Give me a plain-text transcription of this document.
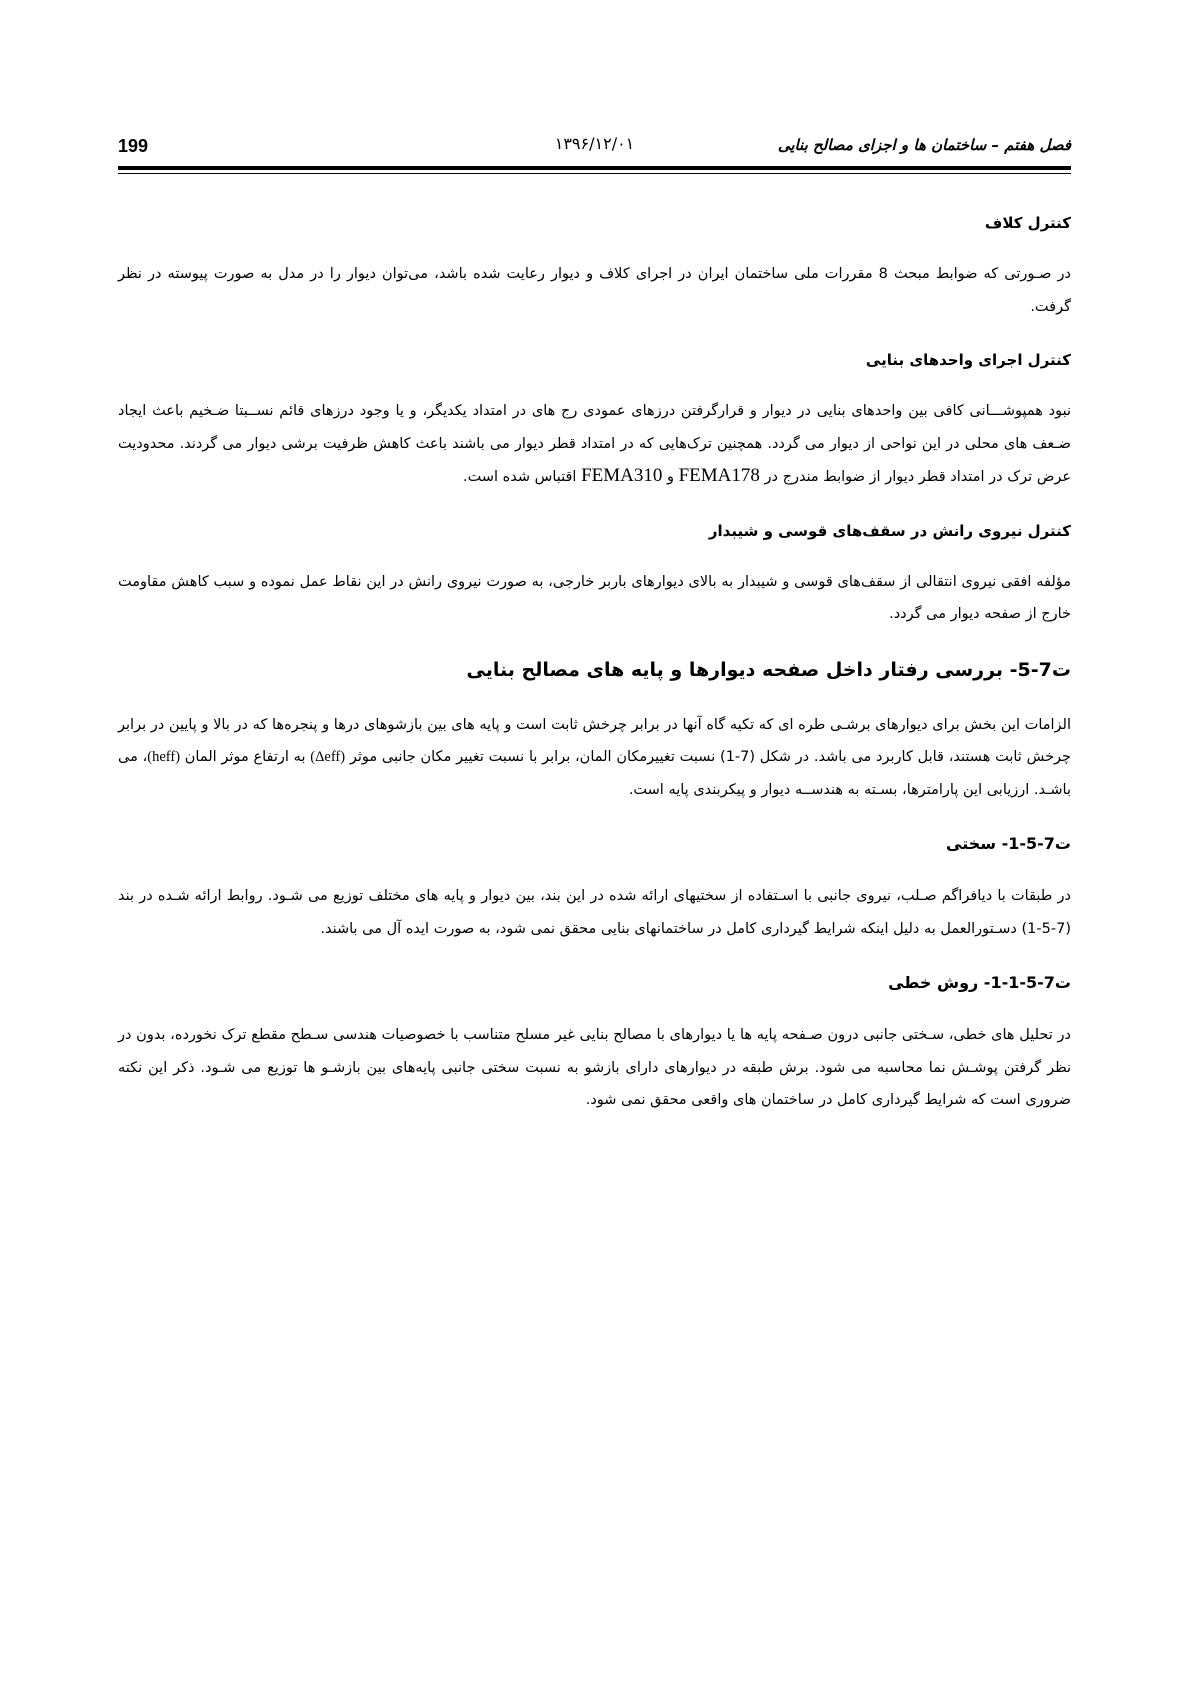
199	۱۳۹۶/۱۲/۰۱	فصل هفتم – ساختمان ها و اجزای مصالح بنایی
کنترل کلاف

در صـورتی که ضوابط مبحث 8 مقررات ملی ساختمان ایران در اجرای کلاف و دیوار رعایت شده باشد، می‌توان دیوار را در مدل به صورت پیوسته در نظر گرفت.

کنترل اجرای واحدهای بنایی

نبود همپوشـــانی کافی بین واحدهای بنایی در دیوار و قرارگرفتن درزهای عمودی رج های در امتداد یکدیگر، و یا وجود درزهای قائم نســبتا ضـخیم باعث ایجاد ضـعف های محلی در این نواحی از دیوار می گردد. همچنین ترک‌هایی که در امتداد قطر دیوار می باشند باعث کاهش ظرفیت برشی دیوار می گردند. محدودیت عرض ترک در امتداد قطر دیوار از ضوابط مندرج در FEMA178 و FEMA310 اقتباس شده است.

کنترل نیروی رانش در سقف‌های قوسی و شیبدار

مؤلفه افقی نیروی انتقالی از سقف‌های قوسی و شیبدار به بالای دیوارهای باربر خارجی، به صورت نیروی رانش در این نقاط عمل نموده و سبب کاهش مقاومت خارج از صفحه دیوار می گردد.

ت7-5- بررسی رفتار داخل صفحه دیوارها و پایه های مصالح بنایی

الزامات این بخش برای دیوارهای برشـی طره ای که تکیه گاه آنها در برابر چرخش ثابت است و پایه های بین بازشوهای درها و پنجره‌ها که در بالا و پایین در برابر چرخش ثابت هستند، قابل کاربرد می باشد. در شکل (7-1) نسبت تغییرمکان المان، برابر با نسبت تغییر مکان جانبی موثر (Δeff) به ارتفاع موثر المان (heff)، می باشـد. ارزیابی این پارامترها، بسـته به هندســه دیوار و پیکربندی پایه است.

ت7-5-1- سختی

در طبقات با دیافراگم صـلب، نیروی جانبی با اسـتفاده از سختیهای ارائه شده در این بند، بین دیوار و پایه های مختلف توزیع می شـود. روابط ارائه شـده در بند (7-5-1) دسـتورالعمل به دلیل اینکه شرایط گیرداری کامل در ساختمانهای بنایی محقق نمی شود، به صورت ایده آل می باشند.

ت7-5-1-1- روش خطی

در تحلیل های خطی، سـختی جانبی درون صـفحه پایه ها یا دیوارهای با مصالح بنایی غیر مسلح متناسب با خصوصیات هندسی سـطح مقطع ترک نخورده، بدون در نظر گرفتن پوشـش نما محاسبه می شود. برش طبقه در دیوارهای دارای بازشو به نسبت سختی جانبی پایه‌های بین بازشـو ها توزیع می شـود. ذکر این نکته ضروری است که شرایط گیرداری کامل در ساختمان های واقعی محقق نمی شود.
